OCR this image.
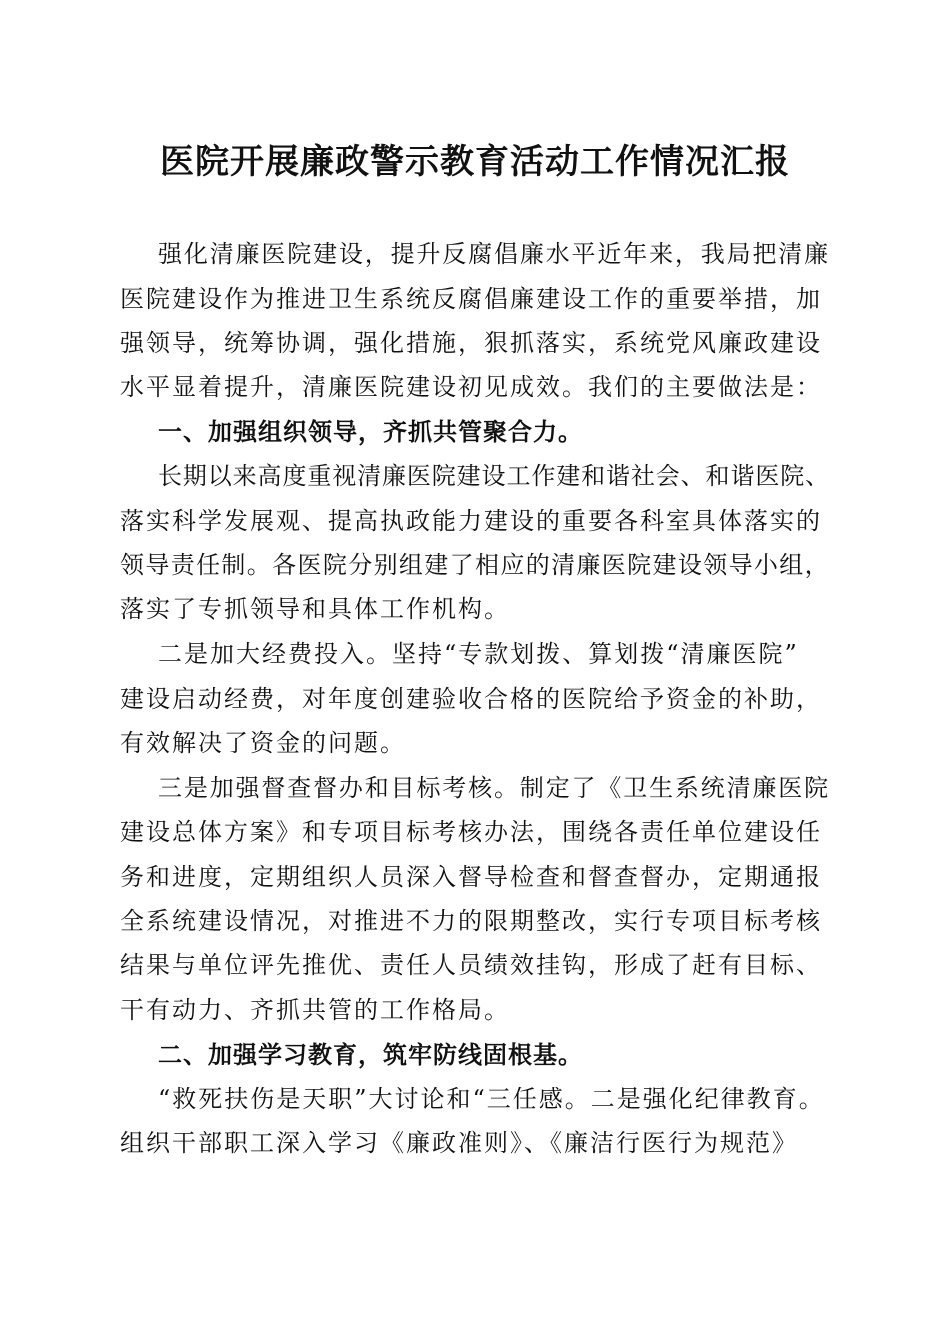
医院开展廉政警示教育活动工作情况汇报
强化清廉医院建设，提升反腐倡廉水平近年来，我局把清廉
医院建设作为推进卫生系统反腐倡廉建设工作的重要举措，加
强领导，统筹协调，强化措施，狠抓落实，系统党风廉政建设
水平显着提升，清廉医院建设初见成效。我们的主要做法是：
一、加强组织领导，齐抓共管聚合力。
长期以来高度重视清廉医院建设工作建和谐社会、和谐医院、
落实科学发展观、提高执政能力建设的重要各科室具体落实的
领导责任制。各医院分别组建了相应的清廉医院建设领导小组，
落实了专抓领导和具体工作机构。
二是加大经费投入。坚持“专款划拨、算划拨“清廉医院”
建设启动经费，对年度创建验收合格的医院给予资金的补助，
有效解决了资金的问题。
三是加强督查督办和目标考核。制定了《卫生系统清廉医院
建设总体方案》和专项目标考核办法，围绕各责任单位建设任
务和进度，定期组织人员深入督导检查和督查督办，定期通报
全系统建设情况，对推进不力的限期整改，实行专项目标考核
结果与单位评先推优、责任人员绩效挂钩，形成了赶有目标、
干有动力、齐抓共管的工作格局。
二、加强学习教育，筑牢防线固根基。
“救死扶伤是天职”大讨论和“三任感。二是强化纪律教育。
组织干部职工深入学习《廉政准则》、《廉洁行医行为规范》
